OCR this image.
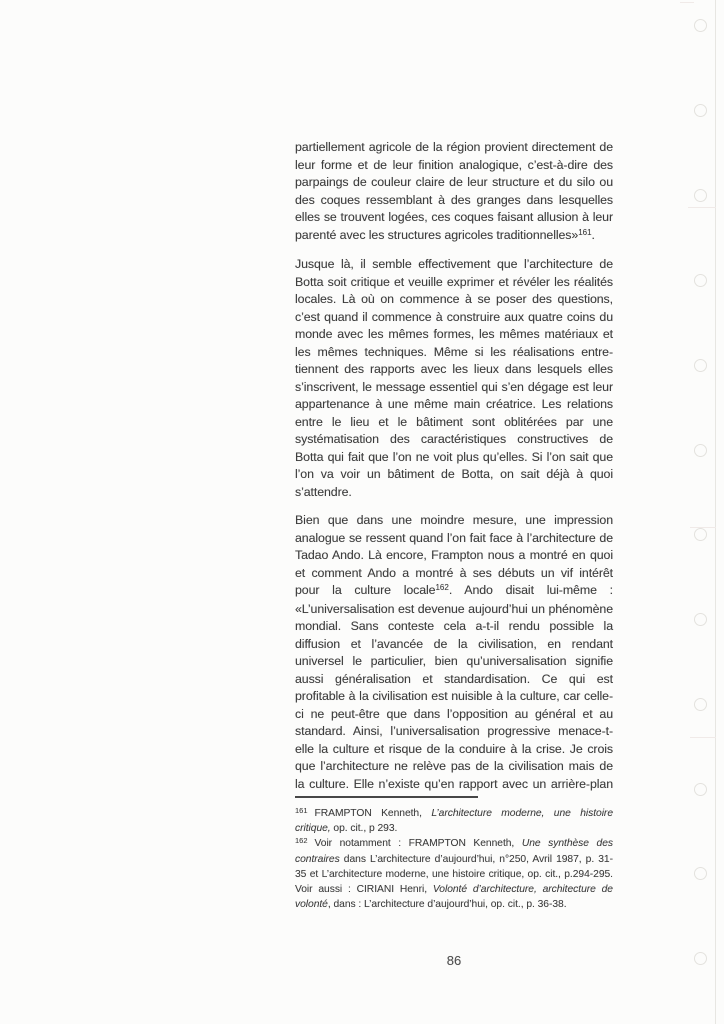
partiellement agricole de la région provient directement de
leur forme et de leur finition analogique, c’est-à-dire des
parpaings de couleur claire de leur structure et du silo ou
des coques ressemblant à des granges dans lesquelles
elles se trouvent logées, ces coques faisant allusion à leur
parenté avec les structures agricoles traditionnelles»$^{161}$.
Jusque là, il semble effectivement que l’architecture de
Botta soit critique et veuille exprimer et révéler les réalités
locales. Là où on commence à se poser des questions,
c’est quand il commence à construire aux quatre coins du
monde avec les mêmes formes, les mêmes matériaux et
les mêmes techniques. Même si les réalisations entre-
tiennent des rapports avec les lieux dans lesquels elles
s’inscrivent, le message essentiel qui s’en dégage est leur
appartenance à une même main créatrice. Les relations
entre le lieu et le bâtiment sont oblitérées par une
systématisation des caractéristiques constructives de
Botta qui fait que l’on ne voit plus qu’elles. Si l’on sait que
l’on va voir un bâtiment de Botta, on sait déjà à quoi
s’attendre.
Bien que dans une moindre mesure, une impression
analogue se ressent quand l’on fait face à l’architecture de
Tadao Ando. Là encore, Frampton nous a montré en quoi
et comment Ando a montré à ses débuts un vif intérêt
pour la culture locale$^{162}$. Ando disait lui-même :
«L’universalisation est devenue aujourd’hui un phénomène
mondial. Sans conteste cela a-t-il rendu possible la
diffusion et l’avancée de la civilisation, en rendant
universel le particulier, bien qu’universalisation signifie
aussi généralisation et standardisation. Ce qui est
profitable à la civilisation est nuisible à la culture, car celle-
ci ne peut-être que dans l’opposition au général et au
standard. Ainsi, l’universalisation progressive menace-t-
elle la culture et risque de la conduire à la crise. Je crois
que l’architecture ne relève pas de la civilisation mais de
la culture. Elle n’existe qu’en rapport avec un arrière-plan
$^{161}$ FRAMPTON Kenneth, L’architecture moderne, une histoire
critique, op. cit., p 293.
$^{162}$ Voir notamment : FRAMPTON Kenneth, Une synthèse des
contraires dans L’architecture d’aujourd’hui, n°250, Avril 1987, p. 31-
35 et L’architecture moderne, une histoire critique, op. cit., p.294-295.
Voir aussi : CIRIANI Henri, Volonté d’architecture, architecture de
volonté, dans : L’architecture d’aujourd’hui, op. cit., p. 36-38.
86
